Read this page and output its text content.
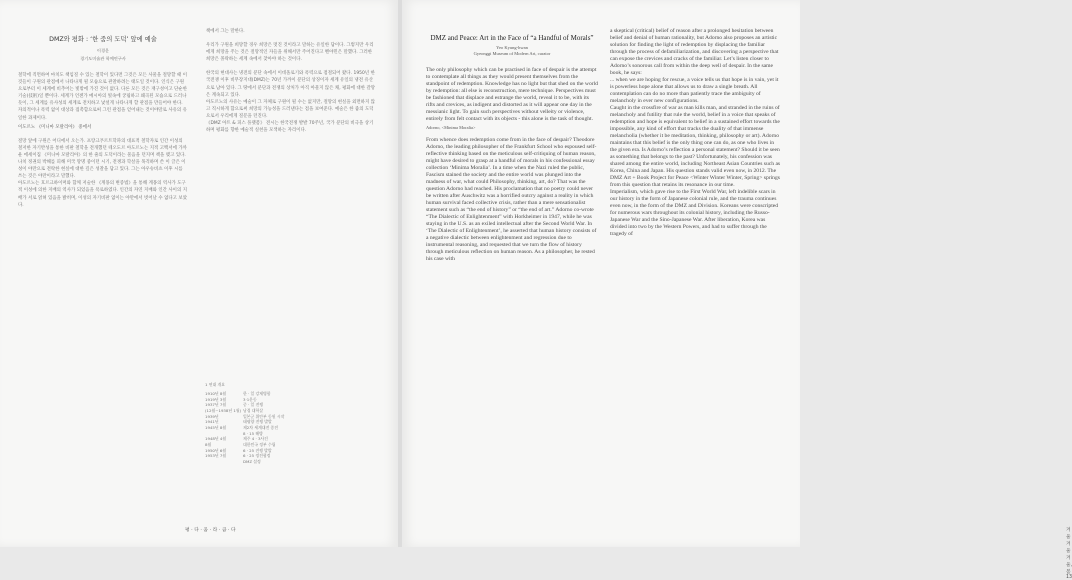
DMZ와 평화 : ‘한 줌의 도덕’ 앞에 예술
이경운
경기도미술관 학예연구사

철학에 직면하여 마치도 책임질 수 있는 철학이 있다면 그것은 모든 사물을 절망할 때 이것들이 구원의 관점에서 나타나게 될 모습으로 관찰하려는 태도일 것이다. 인식은 구원으로부터 이 세계에 비추어는 빛밖에 가진 것이 없다. 다른 모든 것은 재구성이고 단순한 기술(技術)일 뿐이다. 세계가 언젠가 메시아의 빛속에 궁핍하고 왜곡된 모습으로 드러나듯이, 그 세계를 유사성의 세계로 전치하고 낯설게 나타나게 할 관점을 만들어야 한다. 자의적이나 폭력 없이 대상과 접촉함으로써 그런 관점을 얻어내는 것이야말로 사유의 유일한 과제이다.

이도르노 《미니마 모랄리아》 중에서

절망 앞에 구원은 어디에서 오는가. 프랑크푸르트학파의 대표적 철학자로 인간 이성의 철저한 자기반성을 통한 비판 철학을 전개했던 테오도르 아도르노는 지적 고백서에 가까운 에세이집 《미니마 모랄리아》의 한 줄의 도덕이라는 물음을 던지며 책을 맺고 있다. 나치 정권의 박해를 피해 미국 망명 중이던 시기, 전쟁과 학살을 목격하며 쓴 이 글은 이성이 야만으로 전락한 현실에 대한 깊은 성찰을 담고 있다. 그는 아우슈비츠 이후 시를 쓰는 것은 야만이라고 말했다.

아도르노는 호르크하이머와 함께 저술한 《계몽의 변증법》을 통해 계몽의 역사가 도구적 이성에 의한 지배의 역사가 되었음을 폭로하였다. 인간의 자연 지배와 인간 사이의 지배가 서로 얽혀 있음을 밝히며, 이성의 자기비판 없이는 야만에서 벗어날 수 없다고 보았다.

책에서 그는 말한다.

우리가 구원을 희망할 경우 희망은 멋진 것이라고 말하는 유일한 답이다. 그렇지만 우리에게 희망을 주는 것은 절망적인 자들을 위해서만 주어진다고 벤야민은 말했다. 그러한 희망은 몰락하는 세계 속에서 찾아야 하는 것이다.

한국의 현대사는 냉전의 분단 속에서 이데올로기와 폭력으로 점철되어 왔다. 1950년 한국전쟁 이후 비무장지대(DMZ)는 70년 가까이 분단의 상징이자 세계 유일의 냉전 유산으로 남아 있다. 그 땅에서 분단과 전쟁의 상처가 아직 아물지 않은 채, 평화에 대한 갈망은 계속되고 있다.

아도르노의 사유는 예술이 그 자체로 구원이 될 수는 없지만, 절망의 현실을 외면하지 않고 직시하게 함으로써 희망의 가능성을 드러낸다는 점을 보여준다. 예술은 한 줌의 도덕으로서 우리에게 질문을 던진다.

《DMZ 아트 & 피스 플랫폼》 전시는 한국전쟁 발발 70주년, 국가 분단의 비극을 상기하며 평화를 향한 예술적 실천을 모색하는 자리이다.

1 연대 개요
1910년 8월	한 · 일 강제병합
1919년 3월	3·1운동
1937년 7월	중 · 일 전쟁
(12월~1938년 1월) 남경 대학살
1939년	일본군 위안부 동원 시작
1941년	태평양 전쟁 발발
1945년 8월	제2차 세계대전 종전
8 · 15 해방
1948년 4월	제주 4 · 3사건
8월	대한민국 정부 수립
1950년 6월	6 · 25 전쟁 발발
1953년 7월	6 · 25 정전협정
DMZ 설정
평 · 다 · 움 · 라 · 큼 · 다
DMZ and Peace: Art in the Face of “a Handful of Morals”
Yeo Kyung-hwan
Gyeonggi Museum of Modern Art, curator

The only philosophy which can be practised in face of despair is the attempt to contemplate all things as they would present themselves from the standpoint of redemption. Knowledge has no light but that shed on the world by redemption: all else is reconstruction, mere technique. Perspectives must be fashioned that displace and estrange the world, reveal it to be, with its rifts and crevices, as indigent and distorted as it will appear one day in the messianic light. To gain such perspectives without velleity or violence, entirely from felt contact with its objects - this alone is the task of thought.

Adorno, <Minima Moralia>

From whence does redemption come from in the face of despair? Theodore Adorno, the leading philosopher of the Frankfurt School who espoused self-reflective thinking based on the meticulous self-critiquing of human reason, might have desired to grasp at a handful of morals in his confessional essay collection ‘Minima Moralia’. In a time when the Nazi ruled the public, Fascism stained the society and the entire world was plunged into the madness of war, what could Philosophy, thinking, art, do? That was the question Adorno had reached. His proclamation that no poetry could never be written after Auschwitz was a horrified outcry against a reality in which human survival faced collective crisis, rather than a mere sensationalist statement such as “the end of history” or “the end of art.” Adorno co-wrote “The Dialectic of Enlightenment” with Horkheimer in 1947, while he was staying in the U.S. as an exiled intellectual after the Second World War. In ‘The Dialectic of Enlightenment’, he asserted that human history consists of a negative dialectic between enlightenment and regression due to instrumental reasoning, and requested that we turn the flow of history through meticulous reflection on human reason. As a philosopher, he rested his case with

a skeptical (critical) belief of reason after a prolonged hesitation between belief and denial of human rationality, but Adorno also proposes an artistic solution for finding the light of redemption by displacing the familiar through the process of defamiliarization, and discovering a perspective that can expose the crevices and cracks of the familiar. Let’s listen closer to Adorno’s sonorous call from within the deep well of despair. In the same book, he says:

... when we are hoping for rescue, a voice tells us that hope is in vain, yet it is powerless hope alone that allows us to draw a single breath. All contemplation can do no more than patiently trace the ambiguity of melancholy in ever new configurations.

Caught in the crossfire of war as man kills man, and stranded in the ruins of melancholy and futility that rule the world, belief in a voice that speaks of redemption and hope is equivalent to belief in a sustained effort towards the impossible, any kind of effort that tracks the duality of that immense melancholia (whether it be meditation, thinking, philosophy or art). Adorno maintains that this belief is the only thing one can do, as one who lives in the given era. Is Adorno’s reflection a personal statement? Should it be seen as something that belongs to the past? Unfortunately, his confession was shared among the entire world, including Northeast Asian Countries such as Korea, China and Japan. His question stands valid even now, in 2012. The DMZ Art + Book Project for Peace <Winter Winter Winter, Spring> springs from this question that retains its resonance in our time.

Imperialism, which gave rise to the First World War, left indelible scars in our history in the form of Japanese colonial rule, and the trauma continues even now, in the form of the DMZ and Division. Koreans were conscripted for numerous wars throughout its colonial history, including the Russo-Japanese War and the Sino-Japanese War. After liberation, Korea was divided into two by the Western Powers, and had to suffer through the tragedy of

겨울 겨울 겨울, 봄 13
